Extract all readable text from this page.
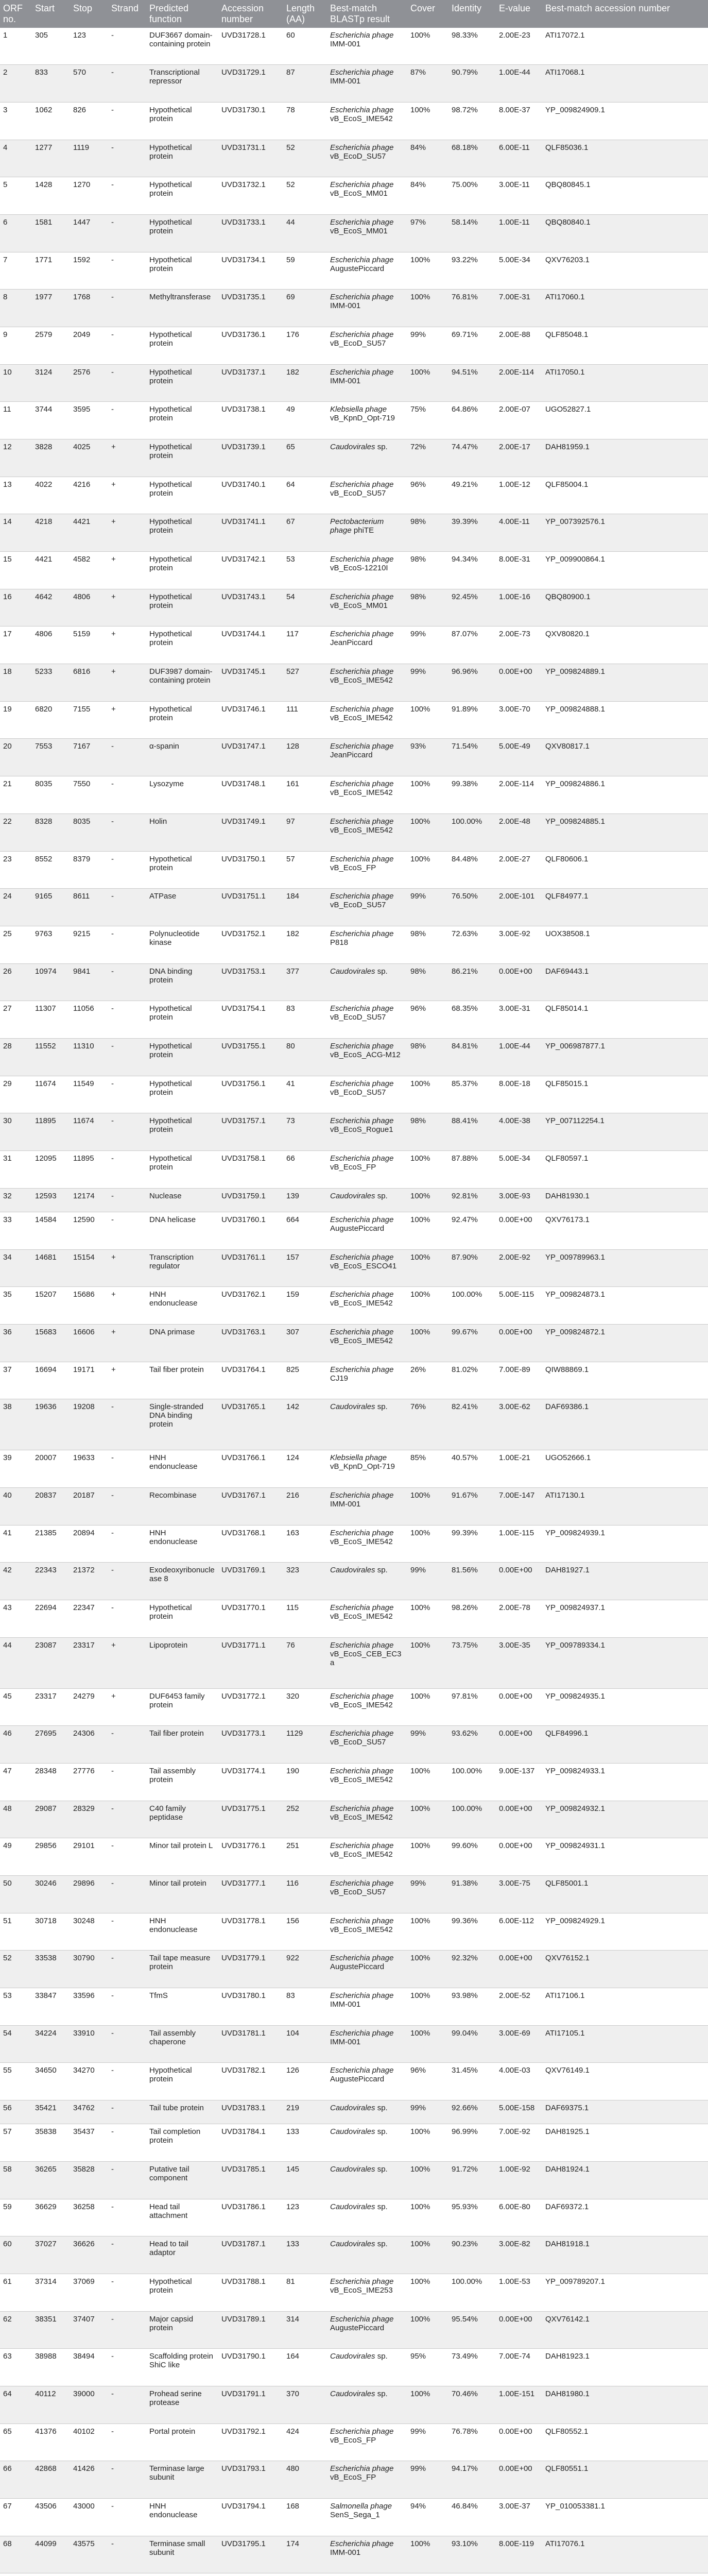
ORF no.	Start	Stop	Strand	Predicted function	Accession number	Length (AA)	Best-match BLASTp result	Cover	Identity	E-value	Best-match accession number
1	305	123	-	DUF3667 domain-containing protein	UVD31728.1	60	Escherichia phage IMM-001	100%	98.33%	2.00E-23	ATI17072.1
2	833	570	-	Transcriptional repressor	UVD31729.1	87	Escherichia phage IMM-001	87%	90.79%	1.00E-44	ATI17068.1
3	1062	826	-	Hypothetical protein	UVD31730.1	78	Escherichia phage vB_EcoS_IME542	100%	98.72%	8.00E-37	YP_009824909.1
4	1277	1119	-	Hypothetical protein	UVD31731.1	52	Escherichia phage vB_EcoD_SU57	84%	68.18%	6.00E-11	QLF85036.1
5	1428	1270	-	Hypothetical protein	UVD31732.1	52	Escherichia phage vB_EcoS_MM01	84%	75.00%	3.00E-11	QBQ80845.1
6	1581	1447	-	Hypothetical protein	UVD31733.1	44	Escherichia phage vB_EcoS_MM01	97%	58.14%	1.00E-11	QBQ80840.1
7	1771	1592	-	Hypothetical protein	UVD31734.1	59	Escherichia phage AugustePiccard	100%	93.22%	5.00E-34	QXV76203.1
8	1977	1768	-	Methyltransferase	UVD31735.1	69	Escherichia phage IMM-001	100%	76.81%	7.00E-31	ATI17060.1
9	2579	2049	-	Hypothetical protein	UVD31736.1	176	Escherichia phage vB_EcoD_SU57	99%	69.71%	2.00E-88	QLF85048.1
10	3124	2576	-	Hypothetical protein	UVD31737.1	182	Escherichia phage IMM-001	100%	94.51%	2.00E-114	ATI17050.1
11	3744	3595	-	Hypothetical protein	UVD31738.1	49	Klebsiella phage vB_KpnD_Opt-719	75%	64.86%	2.00E-07	UGO52827.1
12	3828	4025	+	Hypothetical protein	UVD31739.1	65	Caudovirales sp.	72%	74.47%	2.00E-17	DAH81959.1
13	4022	4216	+	Hypothetical protein	UVD31740.1	64	Escherichia phage vB_EcoD_SU57	96%	49.21%	1.00E-12	QLF85004.1
14	4218	4421	+	Hypothetical protein	UVD31741.1	67	Pectobacterium phage phiTE	98%	39.39%	4.00E-11	YP_007392576.1
15	4421	4582	+	Hypothetical protein	UVD31742.1	53	Escherichia phage vB_EcoS-12210I	98%	94.34%	8.00E-31	YP_009900864.1
16	4642	4806	+	Hypothetical protein	UVD31743.1	54	Escherichia phage vB_EcoS_MM01	98%	92.45%	1.00E-16	QBQ80900.1
17	4806	5159	+	Hypothetical protein	UVD31744.1	117	Escherichia phage JeanPiccard	99%	87.07%	2.00E-73	QXV80820.1
18	5233	6816	+	DUF3987 domain-containing protein	UVD31745.1	527	Escherichia phage vB_EcoS_IME542	99%	96.96%	0.00E+00	YP_009824889.1
19	6820	7155	+	Hypothetical protein	UVD31746.1	111	Escherichia phage vB_EcoS_IME542	100%	91.89%	3.00E-70	YP_009824888.1
20	7553	7167	-	α-spanin	UVD31747.1	128	Escherichia phage JeanPiccard	93%	71.54%	5.00E-49	QXV80817.1
21	8035	7550	-	Lysozyme	UVD31748.1	161	Escherichia phage vB_EcoS_IME542	100%	99.38%	2.00E-114	YP_009824886.1
22	8328	8035	-	Holin	UVD31749.1	97	Escherichia phage vB_EcoS_IME542	100%	100.00%	2.00E-48	YP_009824885.1
23	8552	8379	-	Hypothetical protein	UVD31750.1	57	Escherichia phage vB_EcoS_FP	100%	84.48%	2.00E-27	QLF80606.1
24	9165	8611	-	ATPase	UVD31751.1	184	Escherichia phage vB_EcoD_SU57	99%	76.50%	2.00E-101	QLF84977.1
25	9763	9215	-	Polynucleotide kinase	UVD31752.1	182	Escherichia phage P818	98%	72.63%	3.00E-92	UOX38508.1
26	10974	9841	-	DNA binding protein	UVD31753.1	377	Caudovirales sp.	98%	86.21%	0.00E+00	DAF69443.1
27	11307	11056	-	Hypothetical protein	UVD31754.1	83	Escherichia phage vB_EcoD_SU57	96%	68.35%	3.00E-31	QLF85014.1
28	11552	11310	-	Hypothetical protein	UVD31755.1	80	Escherichia phage vB_EcoS_ACG-M12	98%	84.81%	1.00E-44	YP_006987877.1
29	11674	11549	-	Hypothetical protein	UVD31756.1	41	Escherichia phage vB_EcoD_SU57	100%	85.37%	8.00E-18	QLF85015.1
30	11895	11674	-	Hypothetical protein	UVD31757.1	73	Escherichia phage vB_EcoS_Rogue1	98%	88.41%	4.00E-38	YP_007112254.1
31	12095	11895	-	Hypothetical protein	UVD31758.1	66	Escherichia phage vB_EcoS_FP	100%	87.88%	5.00E-34	QLF80597.1
32	12593	12174	-	Nuclease	UVD31759.1	139	Caudovirales sp.	100%	92.81%	3.00E-93	DAH81930.1
33	14584	12590	-	DNA helicase	UVD31760.1	664	Escherichia phage AugustePiccard	100%	92.47%	0.00E+00	QXV76173.1
34	14681	15154	+	Transcription regulator	UVD31761.1	157	Escherichia phage vB_EcoS_ESCO41	100%	87.90%	2.00E-92	YP_009789963.1
35	15207	15686	+	HNH endonuclease	UVD31762.1	159	Escherichia phage vB_EcoS_IME542	100%	100.00%	5.00E-115	YP_009824873.1
36	15683	16606	+	DNA primase	UVD31763.1	307	Escherichia phage vB_EcoS_IME542	100%	99.67%	0.00E+00	YP_009824872.1
37	16694	19171	+	Tail fiber protein	UVD31764.1	825	Escherichia phage CJ19	26%	81.02%	7.00E-89	QIW88869.1
38	19636	19208	-	Single-stranded DNA binding protein	UVD31765.1	142	Caudovirales sp.	76%	82.41%	3.00E-62	DAF69386.1
39	20007	19633	-	HNH endonuclease	UVD31766.1	124	Klebsiella phage vB_KpnD_Opt-719	85%	40.57%	1.00E-21	UGO52666.1
40	20837	20187	-	Recombinase	UVD31767.1	216	Escherichia phage IMM-001	100%	91.67%	7.00E-147	ATI17130.1
41	21385	20894	-	HNH endonuclease	UVD31768.1	163	Escherichia phage vB_EcoS_IME542	100%	99.39%	1.00E-115	YP_009824939.1
42	22343	21372	-	Exodeoxyribonuclease 8	UVD31769.1	323	Caudovirales sp.	99%	81.56%	0.00E+00	DAH81927.1
43	22694	22347	-	Hypothetical protein	UVD31770.1	115	Escherichia phage vB_EcoS_IME542	100%	98.26%	2.00E-78	YP_009824937.1
44	23087	23317	+	Lipoprotein	UVD31771.1	76	Escherichia phage vB_EcoS_CEB_EC3a	100%	73.75%	3.00E-35	YP_009789334.1
45	23317	24279	+	DUF6453 family protein	UVD31772.1	320	Escherichia phage vB_EcoS_IME542	100%	97.81%	0.00E+00	YP_009824935.1
46	27695	24306	-	Tail fiber protein	UVD31773.1	1129	Escherichia phage vB_EcoD_SU57	99%	93.62%	0.00E+00	QLF84996.1
47	28348	27776	-	Tail assembly protein	UVD31774.1	190	Escherichia phage vB_EcoS_IME542	100%	100.00%	9.00E-137	YP_009824933.1
48	29087	28329	-	C40 family peptidase	UVD31775.1	252	Escherichia phage vB_EcoS_IME542	100%	100.00%	0.00E+00	YP_009824932.1
49	29856	29101	-	Minor tail protein L	UVD31776.1	251	Escherichia phage vB_EcoS_IME542	100%	99.60%	0.00E+00	YP_009824931.1
50	30246	29896	-	Minor tail protein	UVD31777.1	116	Escherichia phage vB_EcoD_SU57	99%	91.38%	3.00E-75	QLF85001.1
51	30718	30248	-	HNH endonuclease	UVD31778.1	156	Escherichia phage vB_EcoS_IME542	100%	99.36%	6.00E-112	YP_009824929.1
52	33538	30790	-	Tail tape measure protein	UVD31779.1	922	Escherichia phage AugustePiccard	100%	92.32%	0.00E+00	QXV76152.1
53	33847	33596	-	TfmS	UVD31780.1	83	Escherichia phage IMM-001	100%	93.98%	2.00E-52	ATI17106.1
54	34224	33910	-	Tail assembly chaperone	UVD31781.1	104	Escherichia phage IMM-001	100%	99.04%	3.00E-69	ATI17105.1
55	34650	34270	-	Hypothetical protein	UVD31782.1	126	Escherichia phage AugustePiccard	96%	31.45%	4.00E-03	QXV76149.1
56	35421	34762	-	Tail tube protein	UVD31783.1	219	Caudovirales sp.	99%	92.66%	5.00E-158	DAF69375.1
57	35838	35437	-	Tail completion protein	UVD31784.1	133	Caudovirales sp.	100%	96.99%	7.00E-92	DAH81925.1
58	36265	35828	-	Putative tail component	UVD31785.1	145	Caudovirales sp.	100%	91.72%	1.00E-92	DAH81924.1
59	36629	36258	-	Head tail attachment	UVD31786.1	123	Caudovirales sp.	100%	95.93%	6.00E-80	DAF69372.1
60	37027	36626	-	Head to tail adaptor	UVD31787.1	133	Caudovirales sp.	100%	90.23%	3.00E-82	DAH81918.1
61	37314	37069	-	Hypothetical protein	UVD31788.1	81	Escherichia phage vB_EcoS_IME253	100%	100.00%	1.00E-53	YP_009789207.1
62	38351	37407	-	Major capsid protein	UVD31789.1	314	Escherichia phage AugustePiccard	100%	95.54%	0.00E+00	QXV76142.1
63	38988	38494	-	Scaffolding protein ShiC like	UVD31790.1	164	Caudovirales sp.	95%	73.49%	7.00E-74	DAH81923.1
64	40112	39000	-	Prohead serine protease	UVD31791.1	370	Caudovirales sp.	100%	70.46%	1.00E-151	DAH81980.1
65	41376	40102	-	Portal protein	UVD31792.1	424	Escherichia phage vB_EcoS_FP	99%	76.78%	0.00E+00	QLF80552.1
66	42868	41426	-	Terminase large subunit	UVD31793.1	480	Escherichia phage vB_EcoS_FP	99%	94.17%	0.00E+00	QLF80551.1
67	43506	43000	-	HNH endonuclease	UVD31794.1	168	Salmonella phage SenS_Sega_1	94%	46.84%	3.00E-37	YP_010053381.1
68	44099	43575	-	Terminase small subunit	UVD31795.1	174	Escherichia phage IMM-001	100%	93.10%	8.00E-119	ATI17076.1
